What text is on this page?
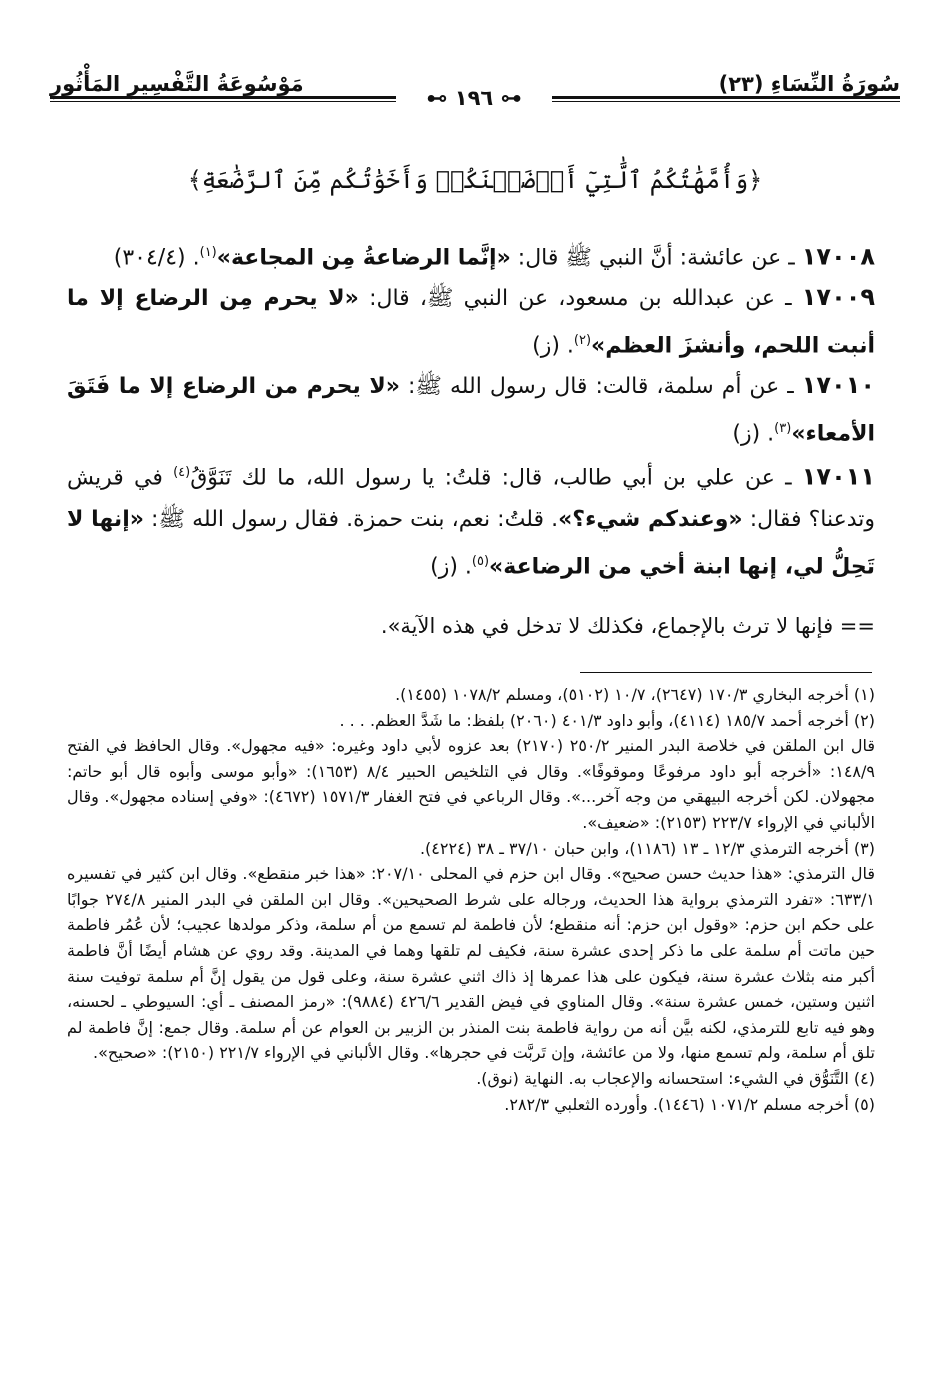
سُورَةُ النِّسَاءِ (٢٣)
مَوْسُوعَةُ التَّفْسِيرِ المَأْثُورِ
⊷ ١٩٦ ⊶
﴿وَأُمَّهَٰتُكُمُ ٱلَّٰتِيٓ أَرۡضَعۡنَكُمۡ وَأَخَوَٰتُكُم مِّنَ ٱلرَّضَٰعَةِ﴾
١٧٠٠٨ ـ عن عائشة: أنَّ النبي ﷺ قال: «إنَّما الرضاعةُ مِن المجاعة»$^{(١)}$. (٣٠٤/٤)
١٧٠٠٩ ـ عن عبدالله بن مسعود، عن النبي ﷺ، قال: «لا يحرم مِن الرضاع إلا ما أنبت اللحم، وأنشزَ العظم»$^{(٢)}$. (ز)
١٧٠١٠ ـ عن أم سلمة، قالت: قال رسول الله ﷺ: «لا يحرم من الرضاع إلا ما فَتَقَ الأمعاء»$^{(٣)}$. (ز)
١٧٠١١ ـ عن علي بن أبي طالب، قال: قلتُ: يا رسول الله، ما لك تَنَوَّقُ$^{(٤)}$ في قريش وتدعنا؟ فقال: «وعندكم شيء؟». قلتُ: نعم، بنت حمزة. فقال رسول الله ﷺ: «إنها لا تَحِلُّ لي، إنها ابنة أخي من الرضاعة»$^{(٥)}$. (ز)
== فإنها لا ترث بالإجماع، فكذلك لا تدخل في هذه الآية».

(١) أخرجه البخاري ١٧٠/٣ (٢٦٤٧)، ١٠/٧ (٥١٠٢)، ومسلم ١٠٧٨/٢ (١٤٥٥).

(٢) أخرجه أحمد ١٨٥/٧ (٤١١٤)، وأبو داود ٤٠١/٣ (٢٠٦٠) بلفظ: ما شَدَّ العظم. . . .

قال ابن الملقن في خلاصة البدر المنير ٢٥٠/٢ (٢١٧٠) بعد عزوه لأبي داود وغيره: «فيه مجهول». وقال الحافظ في الفتح ١٤٨/٩: «أخرجه أبو داود مرفوعًا وموقوفًا». وقال في التلخيص الحبير ٨/٤ (١٦٥٣): «وأبو موسى وأبوه قال أبو حاتم: مجهولان. لكن أخرجه البيهقي من وجه آخر...». وقال الرباعي في فتح الغفار ١٥٧١/٣ (٤٦٧٢): «وفي إسناده مجهول». وقال الألباني في الإرواء ٢٢٣/٧ (٢١٥٣): «ضعيف».

(٣) أخرجه الترمذي ١٢/٣ ـ ١٣ (١١٨٦)، وابن حبان ٣٧/١٠ ـ ٣٨ (٤٢٢٤).

قال الترمذي: «هذا حديث حسن صحيح». وقال ابن حزم في المحلى ٢٠٧/١٠: «هذا خبر منقطع». وقال ابن كثير في تفسيره ٦٣٣/١: «تفرد الترمذي برواية هذا الحديث، ورجاله على شرط الصحيحين». وقال ابن الملقن في البدر المنير ٢٧٤/٨ جوابًا على حكم ابن حزم: «وقول ابن حزم: أنه منقطع؛ لأن فاطمة لم تسمع من أم سلمة، وذكر مولدها عجيب؛ لأن عُمُر فاطمة حين ماتت أم سلمة على ما ذكر إحدى عشرة سنة، فكيف لم تلقها وهما في المدينة. وقد روي عن هشام أيضًا أنَّ فاطمة أكبر منه بثلاث عشرة سنة، فيكون على هذا عمرها إذ ذاك اثني عشرة سنة، وعلى قول من يقول إنَّ أم سلمة توفيت سنة اثنين وستين، خمس عشرة سنة». وقال المناوي في فيض القدير ٤٢٦/٦ (٩٨٨٤): «رمز المصنف ـ أي: السيوطي ـ لحسنه، وهو فيه تابع للترمذي، لكنه بيَّن أنه من رواية فاطمة بنت المنذر بن الزبير بن العوام عن أم سلمة. وقال جمع: إنَّ فاطمة لم تلق أم سلمة، ولم تسمع منها، ولا من عائشة، وإن تَربَّت في حجرها». وقال الألباني في الإرواء ٢٢١/٧ (٢١٥٠): «صحيح».

(٤) التَّنَوُّق في الشيء: استحسانه والإعجاب به. النهاية (نوق).

(٥) أخرجه مسلم ١٠٧١/٢ (١٤٤٦). وأورده الثعلبي ٢٨٢/٣.
